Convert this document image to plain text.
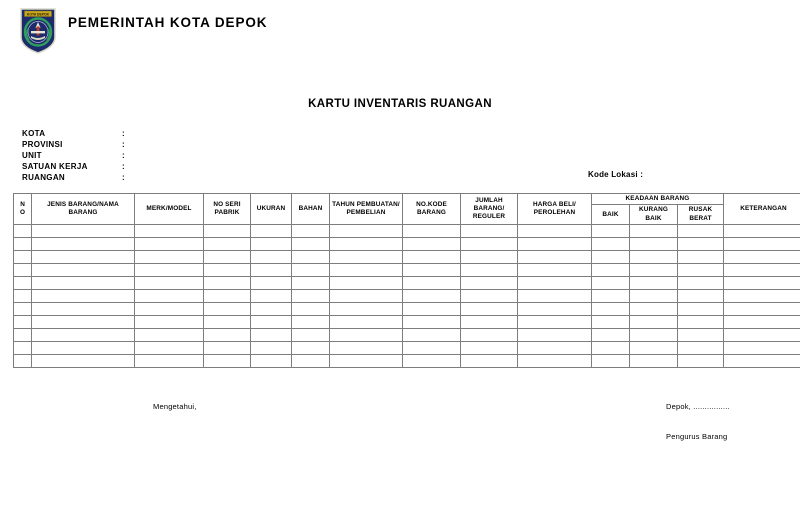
KOTA DEPOK
PEMERINTAH KOTA DEPOK
KARTU INVENTARIS RUANGAN
KOTA	:
PROVINSI	:
UNIT	:
SATUAN KERJA	:
RUANGAN	:	Kode Lokasi :
N
O	JENIS BARANG/NAMA BARANG	MERK/MODEL	NO SERI PABRIK	UKURAN	BAHAN	TAHUN PEMBUATAN/ PEMBELIAN	NO.KODE BARANG	JUMLAH BARANG/ REGULER	HARGA BELI/ PEROLEHAN	KEADAAN BARANG			KETERANGAN
										BAIK	KURANG BAIK	RUSAK BERAT	

Mengetahui,	Depok, ................
Pengurus Barang
